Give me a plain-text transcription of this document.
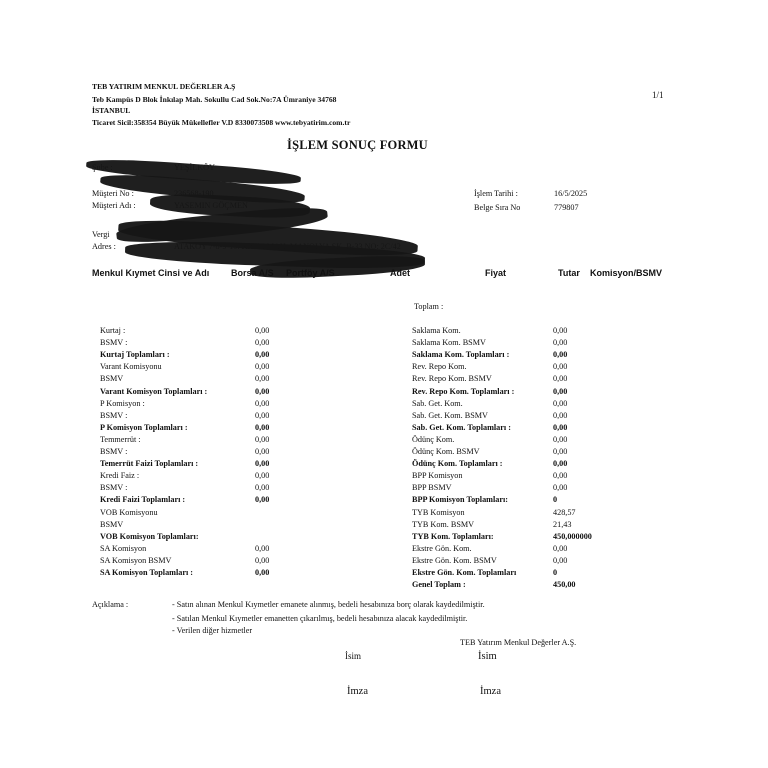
TEB YATIRIM MENKUL DEĞERLER A.Ş
Teb Kampüs D Blok İnkılap Mah. Sokullu Cad Sok.No:7A Ümraniye 34768
İSTANBUL
Ticaret Sicil:358354 Büyük Mükellefler V.D 8330073508 www.tebyatirim.com.tr
1/1
İŞLEM SONUÇ FORMU
Müşteri No :
Müşteri Adı :
Vergi
Adres :
İşlem Tarihi :	16/5/2025
Belge Sıra No	779807
Menkul Kıymet Cinsi ve Adı Borsa A/S Portföy A/S	Adet	Fiyat	Tutar Komisyon/BSMV
Toplam :
Kurtaj :	0,00
BSMV :	0,00
Kurtaj Toplamları :	0,00
Varant Komisyonu	0,00
BSMV	0,00
Varant Komisyon Toplamları :	0,00
P Komisyon :	0,00
BSMV :	0,00
P Komisyon Toplamları :	0,00
Temmerrüt :	0,00
BSMV :	0,00
Temerrüt Faizi Toplamları :	0,00
Kredi Faiz :	0,00
BSMV :	0,00
Kredi Faizi Toplamları :	0,00
VOB Komisyonu
BSMV
VOB Komisyon Toplamları:
SA Komisyon	0,00
SA Komisyon BSMV	0,00
SA Komisyon Toplamları :	0,00
Saklama Kom.	0,00
Saklama Kom. BSMV	0,00
Saklama Kom. Toplamları :	0,00
Rev. Repo Kom.	0,00
Rev. Repo Kom. BSMV	0,00
Rev. Repo Kom. Toplamları :	0,00
Sab. Get. Kom.	0,00
Sab. Get. Kom. BSMV	0,00
Sab. Get. Kom. Toplamları :	0,00
Ödünç Kom.	0,00
Ödünç Kom. BSMV	0,00
Ödünç Kom. Toplamları :	0,00
BPP Komisyon	0,00
BPP BSMV	0,00
BPP Komisyon Toplamları:	0
TYB Komisyon	428,57
TYB Kom. BSMV	21,43
TYB Kom. Toplamları:	450,000000
Ekstre Gön. Kom.	0,00
Ekstre Gön. Kom. BSMV	0,00
Ekstre Gön. Kom. Toplamları	0
Genel Toplam :	450,00
Açıklama :	- Satın alınan Menkul Kıymetler emanete alınmış, bedeli hesabınıza borç olarak kaydedilmiştir.
- Satılan Menkul Kıymetler emanetten çıkarılmış, bedeli hesabınıza alacak kaydedilmiştir.
- Verilen diğer hizmetler
TEB Yatırım Menkul Değerler A.Ş.
İsim	İsim
İmza	İmza
